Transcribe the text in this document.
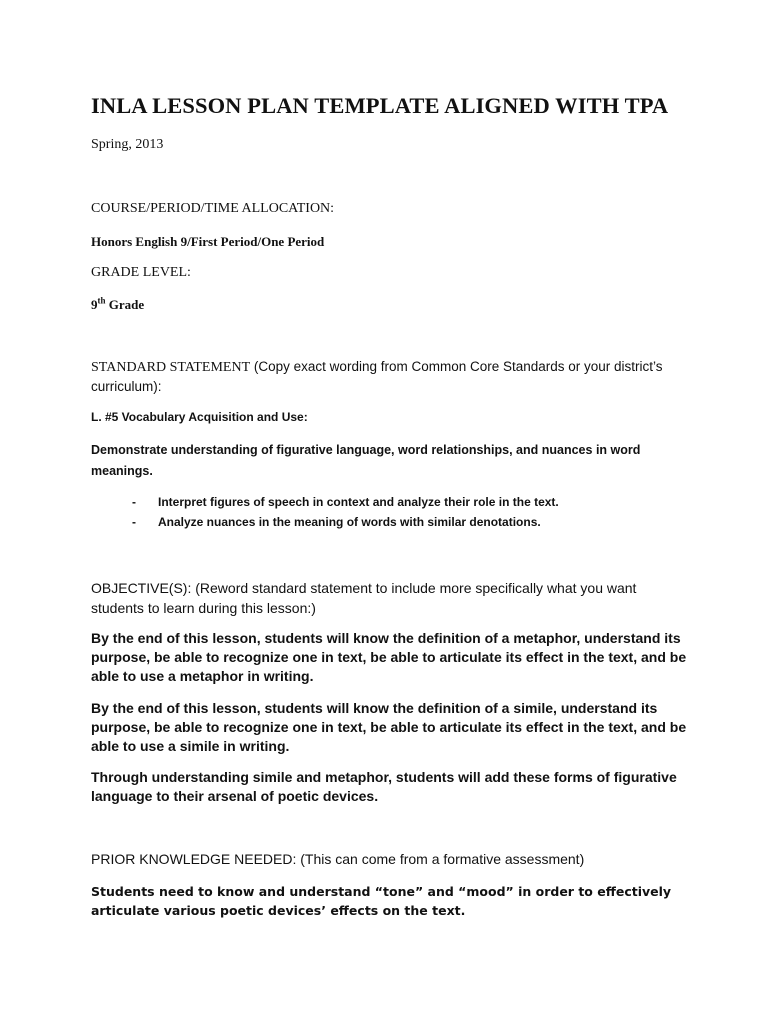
INLA LESSON PLAN TEMPLATE ALIGNED WITH TPA

Spring, 2013

COURSE/PERIOD/TIME ALLOCATION:

Honors English 9/First Period/One Period

GRADE LEVEL:

9th Grade

STANDARD STATEMENT (Copy exact wording from Common Core Standards or your district’s curriculum):

L. #5 Vocabulary Acquisition and Use:

Demonstrate understanding of figurative language, word relationships, and nuances in word meanings.

-	Interpret figures of speech in context and analyze their role in the text.
-	Analyze nuances in the meaning of words with similar denotations.

OBJECTIVE(S): (Reword standard statement to include more specifically what you want students to learn during this lesson:)

By the end of this lesson, students will know the definition of a metaphor, understand its purpose, be able to recognize one in text, be able to articulate its effect in the text, and be able to use a metaphor in writing.

By the end of this lesson, students will know the definition of a simile, understand its purpose, be able to recognize one in text, be able to articulate its effect in the text, and be able to use a simile in writing.

Through understanding simile and metaphor, students will add these forms of figurative language to their arsenal of poetic devices.

PRIOR KNOWLEDGE NEEDED: (This can come from a formative assessment)

Students need to know and understand “tone” and “mood” in order to effectively articulate various poetic devices’ effects on the text.
